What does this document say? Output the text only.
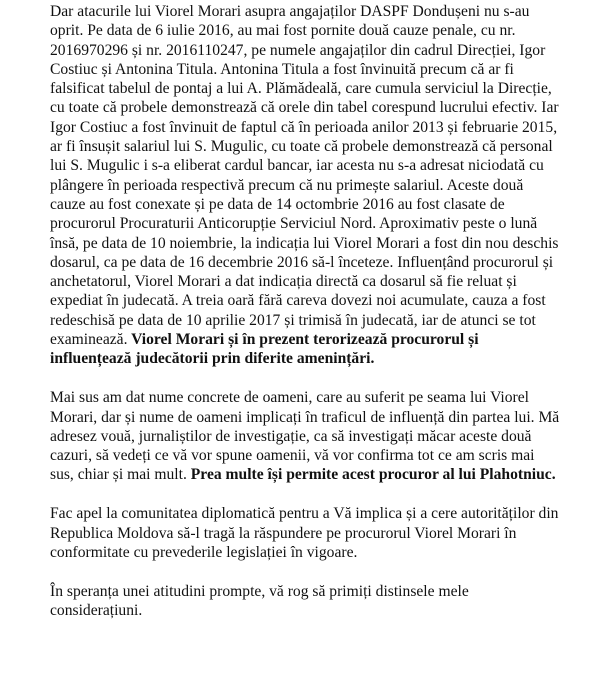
Dar atacurile lui Viorel Morari asupra angajaților DASPF Dondușeni nu s-au oprit. Pe data de 6 iulie 2016, au mai fost pornite două cauze penale, cu nr. 2016970296 și nr. 2016110247, pe numele angajaților din cadrul Direcției, Igor Costiuc și Antonina Titula. Antonina Titula a fost învinuită precum că ar fi falsificat tabelul de pontaj a lui A. Plămădeală, care cumula serviciul la Direcție, cu toate că probele demonstrează că orele din tabel corespund lucrului efectiv. Iar Igor Costiuc a fost învinuit de faptul că în perioada anilor 2013 și februarie 2015, ar fi însușit salariul lui S. Mugulic, cu toate că probele demonstrează că personal lui S. Mugulic i s-a eliberat cardul bancar, iar acesta nu s-a adresat niciodată cu plângere în perioada respectivă precum că nu primește salariul. Aceste două cauze au fost conexate și pe data de 14 octombrie 2016 au fost clasate de procurorul Procuraturii Anticorupție Serviciul Nord. Aproximativ peste o lună însă, pe data de 10 noiembrie, la indicația lui Viorel Morari a fost din nou deschis dosarul, ca pe data de 16 decembrie 2016 să-l înceteze. Influențând procurorul și anchetatorul, Viorel Morari a dat indicația directă ca dosarul să fie reluat și expediat în judecată. A treia oară fără careva dovezi noi acumulate, cauza a fost redeschisă pe data de 10 aprilie 2017 și trimisă în judecată, iar de atunci se tot examinează. Viorel Morari și în prezent terorizează procurorul și influențează judecătorii prin diferite amenințări.

Mai sus am dat nume concrete de oameni, care au suferit pe seama lui Viorel Morari, dar și nume de oameni implicați în traficul de influență din partea lui. Mă adresez vouă, jurnaliștilor de investigație, ca să investigați măcar aceste două cazuri, să vedeți ce vă vor spune oamenii, vă vor confirma tot ce am scris mai sus, chiar și mai mult. Prea multe își permite acest procuror al lui Plahotniuc.

Fac apel la comunitatea diplomatică pentru a Vă implica și a cere autorităților din Republica Moldova să-l tragă la răspundere pe procurorul Viorel Morari în conformitate cu prevederile legislației în vigoare.

În speranța unei atitudini prompte, vă rog să primiți distinsele mele considerațiuni.
